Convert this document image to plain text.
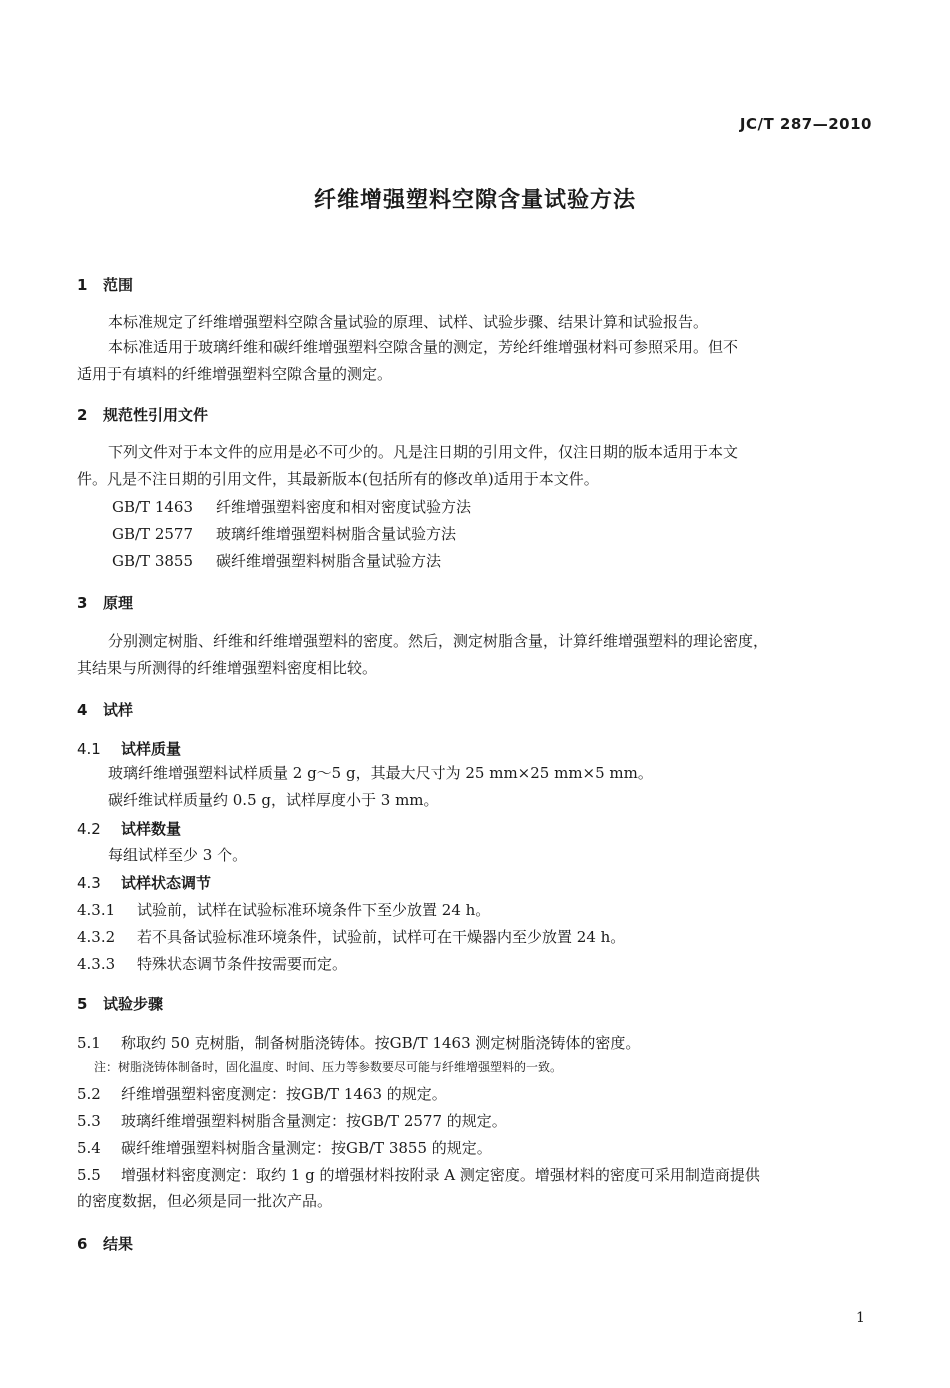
JC/T 287—2010
纤维增强塑料空隙含量试验方法
1 范围
本标准规定了纤维增强塑料空隙含量试验的原理、试样、试验步骤、结果计算和试验报告。
本标准适用于玻璃纤维和碳纤维增强塑料空隙含量的测定，芳纶纤维增强材料可参照采用。但不
适用于有填料的纤维增强塑料空隙含量的测定。
2 规范性引用文件
下列文件对于本文件的应用是必不可少的。凡是注日期的引用文件，仅注日期的版本适用于本文
件。凡是不注日期的引用文件，其最新版本(包括所有的修改单)适用于本文件。
GB/T 1463 纤维增强塑料密度和相对密度试验方法
GB/T 2577 玻璃纤维增强塑料树脂含量试验方法
GB/T 3855 碳纤维增强塑料树脂含量试验方法
3 原理
分别测定树脂、纤维和纤维增强塑料的密度。然后，测定树脂含量，计算纤维增强塑料的理论密度，
其结果与所测得的纤维增强塑料密度相比较。
4 试样
4.1 试样质量
玻璃纤维增强塑料试样质量 2 g～5 g，其最大尺寸为 25 mm×25 mm×5 mm。
碳纤维试样质量约 0.5 g，试样厚度小于 3 mm。
4.2 试样数量
每组试样至少 3 个。
4.3 试样状态调节
4.3.1 试验前，试样在试验标准环境条件下至少放置 24 h。
4.3.2 若不具备试验标准环境条件，试验前，试样可在干燥器内至少放置 24 h。
4.3.3 特殊状态调节条件按需要而定。
5 试验步骤
5.1 称取约 50 克树脂，制备树脂浇铸体。按GB/T 1463 测定树脂浇铸体的密度。
注：树脂浇铸体制备时，固化温度、时间、压力等参数要尽可能与纤维增强塑料的一致。
5.2 纤维增强塑料密度测定：按GB/T 1463 的规定。
5.3 玻璃纤维增强塑料树脂含量测定：按GB/T 2577 的规定。
5.4 碳纤维增强塑料树脂含量测定：按GB/T 3855 的规定。
5.5 增强材料密度测定：取约 1 g 的增强材料按附录 A 测定密度。增强材料的密度可采用制造商提供
的密度数据，但必须是同一批次产品。
6 结果
1
